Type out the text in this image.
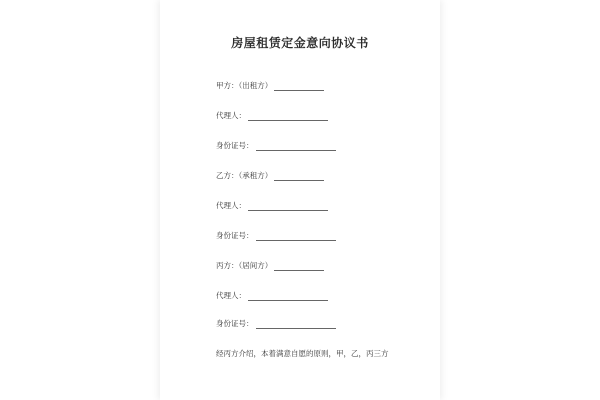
房屋租赁定金意向协议书
甲方：（出租方）
代理人：
身份证号：
乙方：（承租方）
代理人：
身份证号：
丙方：（居间方）
代理人：
身份证号：
经丙方介绍，本着满意自愿的原则，甲，乙，丙三方
